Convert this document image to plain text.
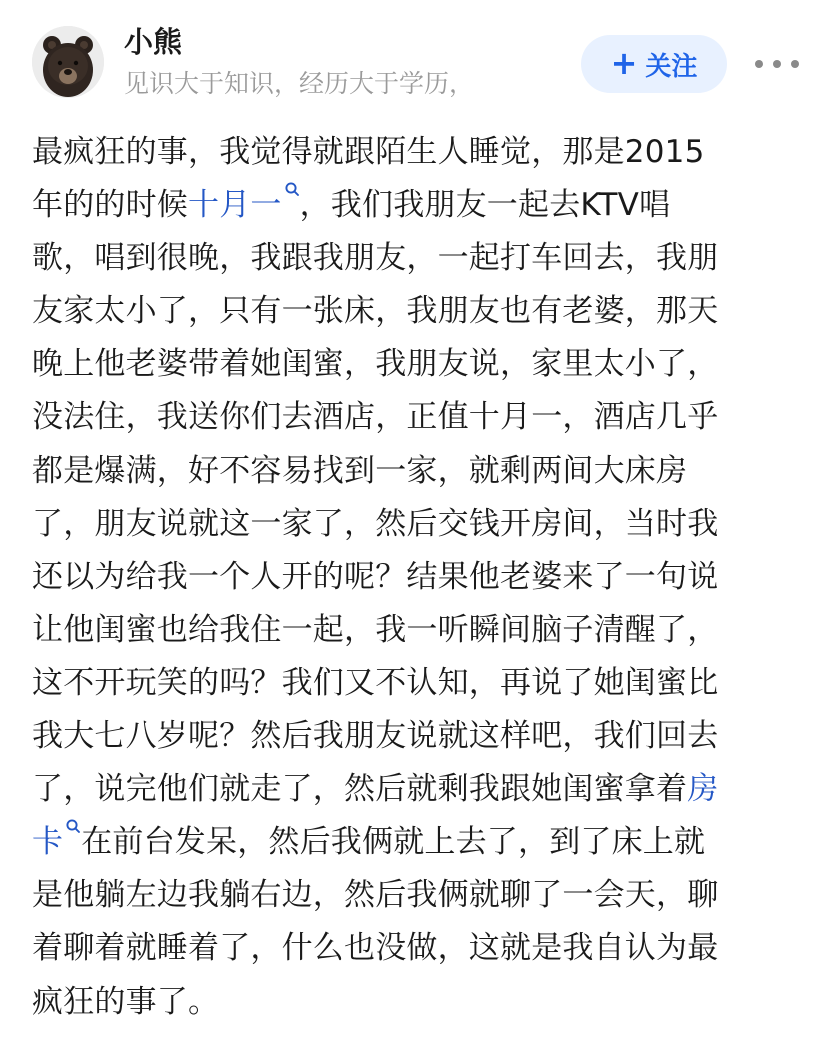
小熊
见识大于知识，经历大于学历，
+ 关注
最疯狂的事，我觉得就跟陌生人睡觉，那是2015
年的的时候十月一 ，我们我朋友一起去KTV唱
歌，唱到很晚，我跟我朋友，一起打车回去，我朋
友家太小了，只有一张床，我朋友也有老婆，那天
晚上他老婆带着她闺蜜，我朋友说，家里太小了，
没法住，我送你们去酒店，正值十月一，酒店几乎
都是爆满，好不容易找到一家，就剩两间大床房
了，朋友说就这一家了，然后交钱开房间，当时我
还以为给我一个人开的呢？结果他老婆来了一句说
让他闺蜜也给我住一起，我一听瞬间脑子清醒了，
这不开玩笑的吗？我们又不认知，再说了她闺蜜比
我大七八岁呢？然后我朋友说就这样吧，我们回去
了，说完他们就走了，然后就剩我跟她闺蜜拿着房
卡 在前台发呆，然后我俩就上去了，到了床上就
是他躺左边我躺右边，然后我俩就聊了一会天，聊
着聊着就睡着了，什么也没做，这就是我自认为最
疯狂的事了。
